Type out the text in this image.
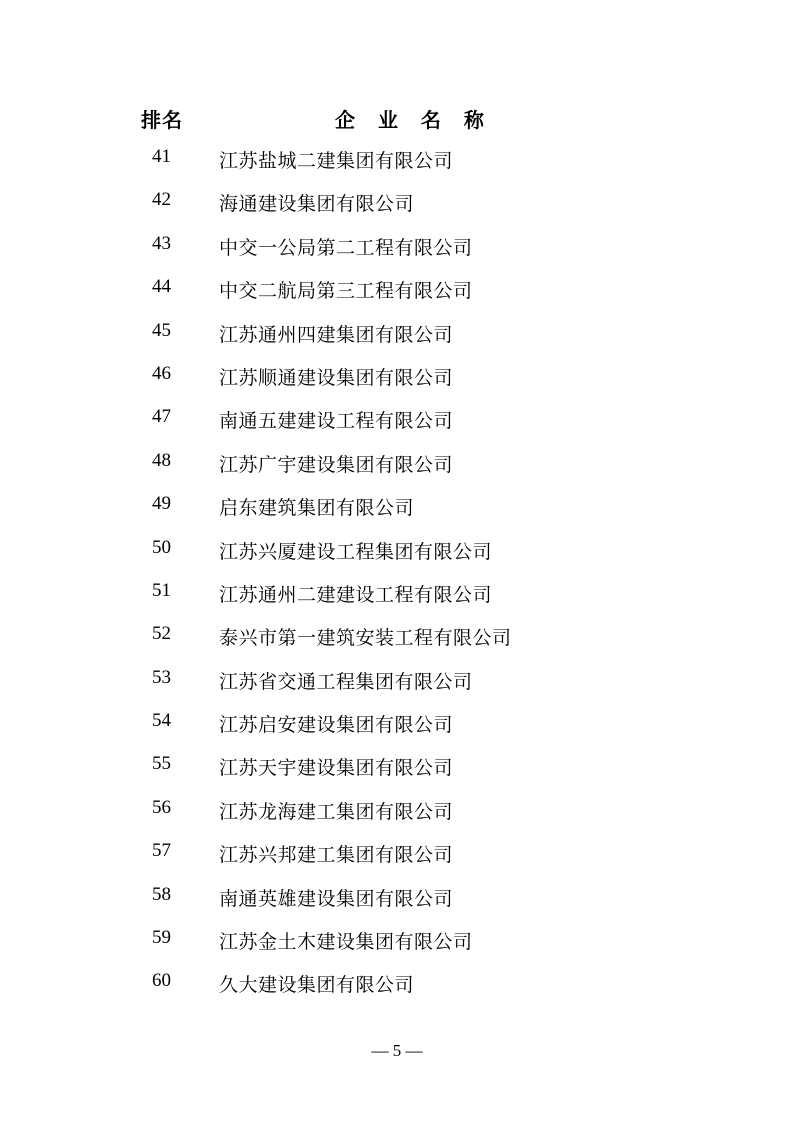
排名	企 业 名 称
41	江苏盐城二建集团有限公司
42	海通建设集团有限公司
43	中交一公局第二工程有限公司
44	中交二航局第三工程有限公司
45	江苏通州四建集团有限公司
46	江苏顺通建设集团有限公司
47	南通五建建设工程有限公司
48	江苏广宇建设集团有限公司
49	启东建筑集团有限公司
50	江苏兴厦建设工程集团有限公司
51	江苏通州二建建设工程有限公司
52	泰兴市第一建筑安装工程有限公司
53	江苏省交通工程集团有限公司
54	江苏启安建设集团有限公司
55	江苏天宇建设集团有限公司
56	江苏龙海建工集团有限公司
57	江苏兴邦建工集团有限公司
58	南通英雄建设集团有限公司
59	江苏金土木建设集团有限公司
60	久大建设集团有限公司
— 5 —
